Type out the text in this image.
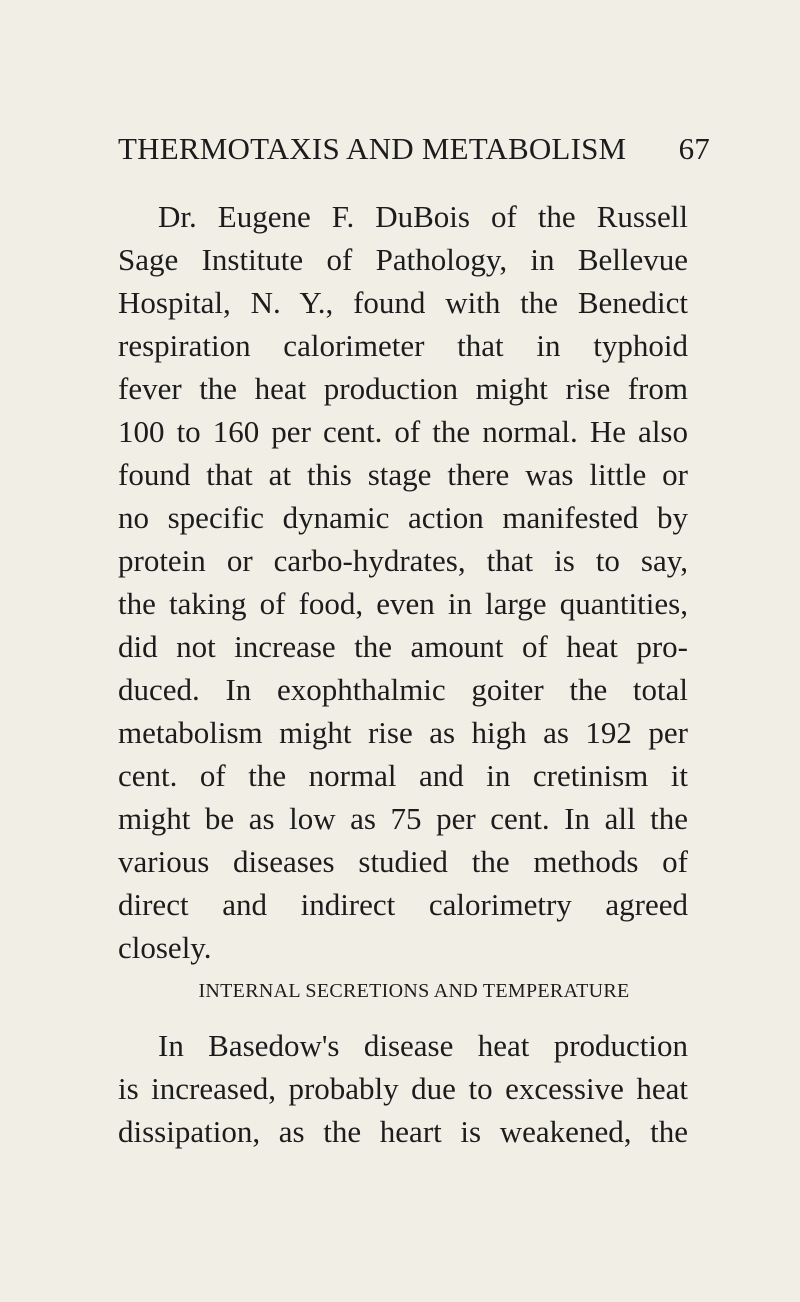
THERMOTAXIS AND METABOLISM 67
Dr. Eugene F. DuBois of the Russell
Sage Institute of Pathology, in Bellevue
Hospital, N. Y., found with the Benedict
respiration calorimeter that in typhoid
fever the heat production might rise from
100 to 160 per cent. of the normal. He also
found that at this stage there was little or
no specific dynamic action manifested by
protein or carbo-hydrates, that is to say,
the taking of food, even in large quantities,
did not increase the amount of heat pro-
duced. In exophthalmic goiter the total
metabolism might rise as high as 192 per
cent. of the normal and in cretinism it
might be as low as 75 per cent. In all the
various diseases studied the methods of
direct and indirect calorimetry agreed
closely.
INTERNAL SECRETIONS AND TEMPERATURE
In Basedow's disease heat production
is increased, probably due to excessive heat
dissipation, as the heart is weakened, the
